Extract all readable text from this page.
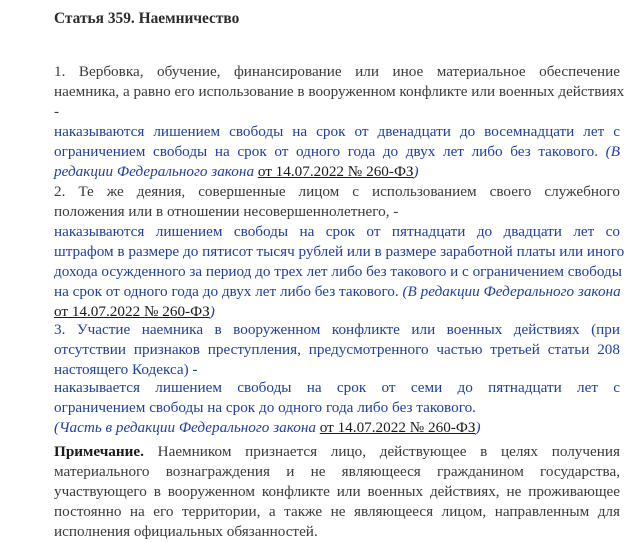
Статья 359. Наемничество
1. Вербовка, обучение, финансирование или иное материальное обеспечение
наемника, а равно его использование в вооруженном конфликте или военных действиях
-
наказываются лишением свободы на срок от двенадцати до восемнадцати лет с
ограничением свободы на срок от одного года до двух лет либо без такового. (В
редакции Федерального закона от 14.07.2022 № 260-ФЗ)
2. Те же деяния, совершенные лицом с использованием своего служебного
положения или в отношении несовершеннолетнего, -
наказываются лишением свободы на срок от пятнадцати до двадцати лет со
штрафом в размере до пятисот тысяч рублей или в размере заработной платы или иного
дохода осужденного за период до трех лет либо без такового и с ограничением свободы
на срок от одного года до двух лет либо без такового. (В редакции Федерального закона
от 14.07.2022 № 260-ФЗ)
3. Участие наемника в вооруженном конфликте или военных действиях (при
отсутствии признаков преступления, предусмотренного частью третьей статьи 208
настоящего Кодекса) -
наказывается лишением свободы на срок от семи до пятнадцати лет с
ограничением свободы на срок до одного года либо без такового.
(Часть в редакции Федерального закона от 14.07.2022 № 260-ФЗ)
Примечание. Наемником признается лицо, действующее в целях получения
материального вознаграждения и не являющееся гражданином государства,
участвующего в вооруженном конфликте или военных действиях, не проживающее
постоянно на его территории, а также не являющееся лицом, направленным для
исполнения официальных обязанностей.
